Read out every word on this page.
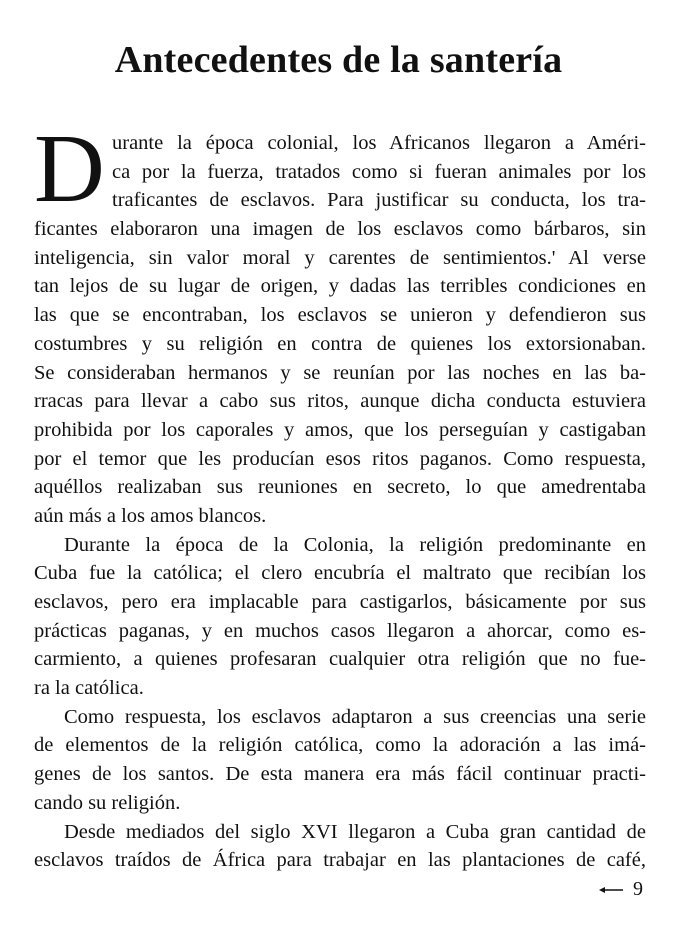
Antecedentes de la santería
D urante la época colonial, los Africanos llegaron a Améri-
ca por la fuerza, tratados como si fueran animales por los
traficantes de esclavos. Para justificar su conducta, los tra-
ficantes elaboraron una imagen de los esclavos como bárbaros, sin
inteligencia, sin valor moral y carentes de sentimientos.' Al verse
tan lejos de su lugar de origen, y dadas las terribles condiciones en
las que se encontraban, los esclavos se unieron y defendieron sus
costumbres y su religión en contra de quienes los extorsionaban.
Se consideraban hermanos y se reunían por las noches en las ba-
rracas para llevar a cabo sus ritos, aunque dicha conducta estuviera
prohibida por los caporales y amos, que los perseguían y castigaban
por el temor que les producían esos ritos paganos. Como respuesta,
aquéllos realizaban sus reuniones en secreto, lo que amedrentaba
aún más a los amos blancos.
Durante la época de la Colonia, la religión predominante en
Cuba fue la católica; el clero encubría el maltrato que recibían los
esclavos, pero era implacable para castigarlos, básicamente por sus
prácticas paganas, y en muchos casos llegaron a ahorcar, como es-
carmiento, a quienes profesaran cualquier otra religión que no fue-
ra la católica.
Como respuesta, los esclavos adaptaron a sus creencias una serie
de elementos de la religión católica, como la adoración a las imá-
genes de los santos. De esta manera era más fácil continuar practi-
cando su religión.
Desde mediados del siglo XVI llegaron a Cuba gran cantidad de
esclavos traídos de África para trabajar en las plantaciones de café,
9
